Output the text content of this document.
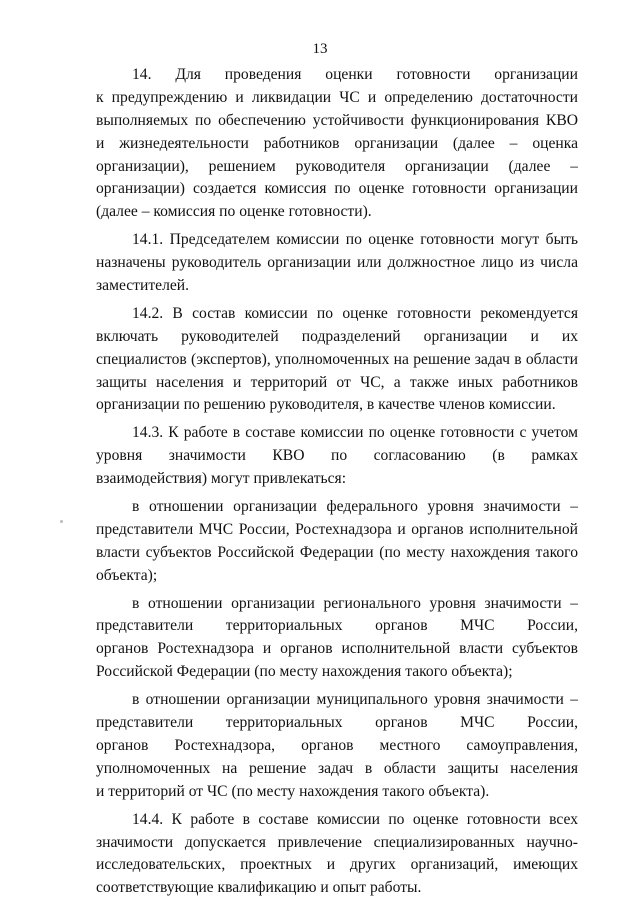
13
14. Для проведения оценки готовности организации
к предупреждению и ликвидации ЧС и определению достаточности
выполняемых по обеспечению устойчивости функционирования КВО
и жизнедеятельности работников организации (далее – оценка
организации), решением руководителя организации (далее –
организации) создается комиссия по оценке готовности организации
(далее – комиссия по оценке готовности).
14.1. Председателем комиссии по оценке готовности могут быть
назначены руководитель организации или должностное лицо из числа
заместителей.
14.2. В состав комиссии по оценке готовности рекомендуется
включать руководителей подразделений организации и их
специалистов (экспертов), уполномоченных на решение задач в области
защиты населения и территорий от ЧС, а также иных работников
организации по решению руководителя, в качестве членов комиссии.
14.3. К работе в составе комиссии по оценке готовности с учетом
уровня значимости КВО по согласованию (в рамках
взаимодействия) могут привлекаться:
в отношении организации федерального уровня значимости –
представители МЧС России, Ростехнадзора и органов исполнительной
власти субъектов Российской Федерации (по месту нахождения такого
объекта);
в отношении организации регионального уровня значимости –
представители территориальных органов МЧС России,
органов Ростехнадзора и органов исполнительной власти субъектов
Российской Федерации (по месту нахождения такого объекта);
в отношении организации муниципального уровня значимости –
представители территориальных органов МЧС России,
органов Ростехнадзора, органов местного самоуправления,
уполномоченных на решение задач в области защиты населения
и территорий от ЧС (по месту нахождения такого объекта).
14.4. К работе в составе комиссии по оценке готовности всех
значимости допускается привлечение специализированных научно-
исследовательских, проектных и других организаций, имеющих
соответствующие квалификацию и опыт работы.
